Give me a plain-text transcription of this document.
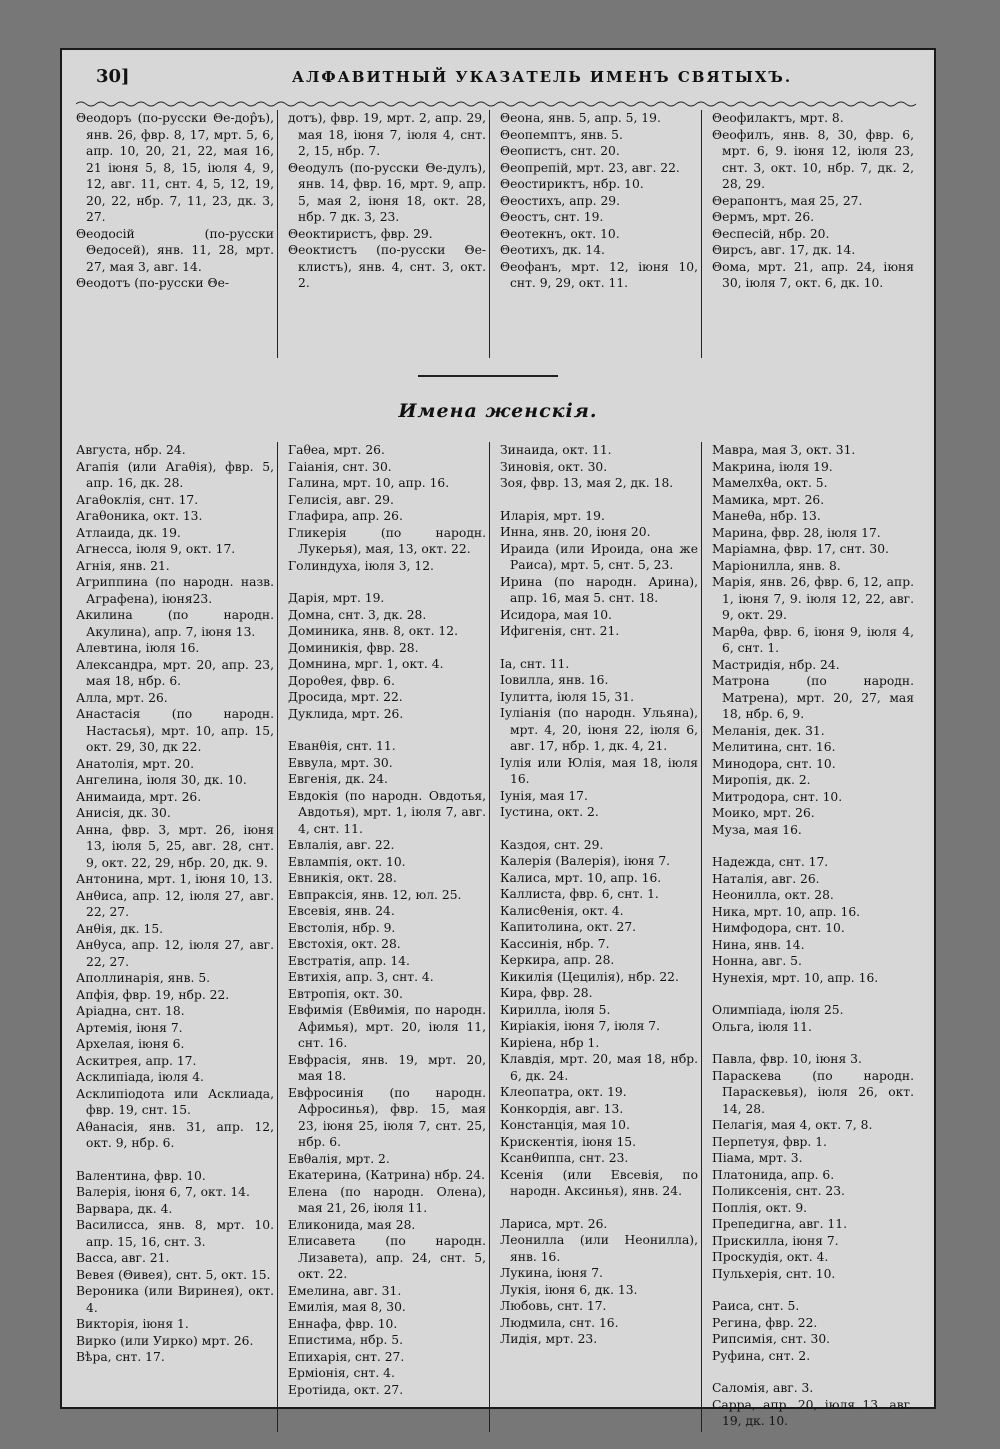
30]	АЛФАВИТНЫЙ УКАЗАТЕЛЬ ИМЕНЪ СВЯТЫХЪ.

Θеодоръ (по-русски Θе-дор̂ъ), янв. 26, фвр. 8, 17, мрт. 5, 6, апр. 10, 20, 21, 22, мая 16, 21 іюня 5, 8, 15, іюля 4, 9, 12, авг. 11, снт. 4, 5, 12, 19, 20, 22, нбр. 7, 11, 23, дк. 3, 27.

Θеодосій (по-русски Θедосей), янв. 11, 28, мрт. 27, мая 3, авг. 14.

Θеодотъ (по-русски Θе-

дотъ), фвр. 19, мрт. 2, апр. 29, мая 18, іюня 7, іюля 4, снт. 2, 15, нбр. 7.

Θеодулъ (по-русски Θе-дулъ), янв. 14, фвр. 16, мрт. 9, апр. 5, мая 2, іюня 18, окт. 28, нбр. 7 дк. 3, 23.

Θеоктиристъ, фвр. 29.

Θеоктистъ (по-русски Θе-клистъ), янв. 4, снт. 3, окт. 2.

Θеона, янв. 5, апр. 5, 19.

Θеопемптъ, янв. 5.

Θеопистъ, снт. 20.

Θеопрепій, мрт. 23, авг. 22.

Θеостириктъ, нбр. 10.

Θеостихъ, апр. 29.

Θеостъ, снт. 19.

Θеотекнъ, окт. 10.

Θеотихъ, дк. 14.

Θеофанъ, мрт. 12, іюня 10, снт. 9, 29, окт. 11.

Θеофилактъ, мрт. 8.

Θеофилъ, янв. 8, 30, фвр. 6, мрт. 6, 9. іюня 12, іюля 23, снт. 3, окт. 10, нбр. 7, дк. 2, 28, 29.

Θерапонтъ, мая 25, 27.

Θермъ, мрт. 26.

Θеспесій, нбр. 20.

Θирсъ, авг. 17, дк. 14.

Θома, мрт. 21, апр. 24, іюня 30, іюля 7, окт. 6, дк. 10.

Имена женскія.

Августа, нбр. 24.

Агапія (или Агаθія), фвр. 5, апр. 16, дк. 28.

Агаθоклія, снт. 17.

Агаθоника, окт. 13.

Атлаида, дк. 19.

Агнесса, іюля 9, окт. 17.

Агнія, янв. 21.

Агриппина (по народн. назв. Аграфена), іюня23.

Акилина (по народн. Акулина), апр. 7, іюня 13.

Алевтина, іюля 16.

Александра, мрт. 20, апр. 23, мая 18, нбр. 6.

Алла, мрт. 26.

Анастасія (по народн. Настасья), мрт. 10, апр. 15, окт. 29, 30, дк 22.

Анатолія, мрт. 20.

Ангелина, іюля 30, дк. 10.

Анимаида, мрт. 26.

Анисія, дк. 30.

Анна, фвр. 3, мрт. 26, іюня 13, іюля 5, 25, авг. 28, снт. 9, окт. 22, 29, нбр. 20, дк. 9.

Антонина, мрт. 1, іюня 10, 13.

Анθиса, апр. 12, іюля 27, авг. 22, 27.

Анθія, дк. 15.

Анθуса, апр. 12, іюля 27, авг. 22, 27.

Аполлинарія, янв. 5.

Апфія, фвр. 19, нбр. 22.

Аріадна, снт. 18.

Артемія, іюня 7.

Архелая, іюня 6.

Аскитрея, апр. 17.

Асклипіада, іюля 4.

Асклипіодота или Асклиада, фвр. 19, снт. 15.

Аθанасія, янв. 31, апр. 12, окт. 9, нбр. 6.

Валентина, фвр. 10.

Валерія, іюня 6, 7, окт. 14.

Варвара, дк. 4.

Василисса, янв. 8, мрт. 10. апр. 15, 16, снт. 3.

Васса, авг. 21.

Вевея (Θивея), снт. 5, окт. 15.

Вероника (или Виринея), окт. 4.

Викторія, іюня 1.

Вирко (или Уирко) мрт. 26.

Вѣра, снт. 17.

Гаθеа, мрт. 26.

Гаіанія, снт. 30.

Галина, мрт. 10, апр. 16.

Гелисія, авг. 29.

Глафира, апр. 26.

Гликерія (по народн. Лукерья), мая, 13, окт. 22.

Голиндуха, іюля 3, 12.

Дарія, мрт. 19.

Домна, снт. 3, дк. 28.

Доминика, янв. 8, окт. 12.

Доминикія, фвр. 28.

Домнина, мрг. 1, окт. 4.

Дороθея, фвр. 6.

Дросида, мрт. 22.

Дуклида, мрт. 26.

Еванθія, снт. 11.

Еввула, мрт. 30.

Евгенія, дк. 24.

Евдокія (по народн. Овдотья, Авдотья), мрт. 1, іюля 7, авг. 4, снт. 11.

Евлалія, авг. 22.

Евлампія, окт. 10.

Евникія, окт. 28.

Евпраксія, янв. 12, юл. 25.

Евсевія, янв. 24.

Евстолія, нбр. 9.

Евстохія, окт. 28.

Евстратія, апр. 14.

Евтихія, апр. 3, снт. 4.

Евтропія, окт. 30.

Евфимія (Евθимія, по народн. Афимья), мрт. 20, іюля 11, снт. 16.

Евфрасія, янв. 19, мрт. 20, мая 18.

Евфросинія (по народн. Афросинья), фвр. 15, мая 23, іюня 25, іюля 7, снт. 25, нбр. 6.

Евθалія, мрт. 2.

Екатерина, (Катрина) нбр. 24.

Елена (по народн. Олена), мая 21, 26, іюля 11.

Еликонида, мая 28.

Елисавета (по народн. Лизавета), апр. 24, снт. 5, окт. 22.

Емелина, авг. 31.

Емилія, мая 8, 30.

Еннафа, фвр. 10.

Епистима, нбр. 5.

Епихарія, снт. 27.

Ерміонія, снт. 4.

Еротіида, окт. 27.

Зинаида, окт. 11.

Зиновія, окт. 30.

Зоя, фвр. 13, мая 2, дк. 18.

Иларія, мрт. 19.

Инна, янв. 20, іюня 20.

Ираида (или Ироида, она же Раиса), мрт. 5, снт. 5, 23.

Ирина (по народн. Арина), апр. 16, мая 5. снт. 18.

Исидора, мая 10.

Ифигенія, снт. 21.

Іа, снт. 11.

Іовилла, янв. 16.

Іулитта, іюля 15, 31.

Іуліанія (по народн. Ульяна), мрт. 4, 20, іюня 22, іюля 6, авг. 17, нбр. 1, дк. 4, 21.

Іулія или Юлія, мая 18, іюля 16.

Іунія, мая 17.

Іустина, окт. 2.

Каздоя, снт. 29.

Калерія (Валерія), іюня 7.

Калиса, мрт. 10, апр. 16.

Каллиста, фвр. 6, снт. 1.

Калисθенія, окт. 4.

Капитолина, окт. 27.

Кассинія, нбр. 7.

Керкира, апр. 28.

Кикилія (Цецилія), нбр. 22.

Кира, фвр. 28.

Кирилла, іюля 5.

Киріакія, іюня 7, іюля 7.

Киріена, нбр 1.

Клавдія, мрт. 20, мая 18, нбр. 6, дк. 24.

Клеопатра, окт. 19.

Конкордія, авг. 13.

Констанція, мая 10.

Крискентія, іюня 15.

Ксанθиппа, снт. 23.

Ксенія (или Евсевія, по народн. Аксинья), янв. 24.

Лариса, мрт. 26.

Леонилла (или Неонилла), янв. 16.

Лукина, іюня 7.

Лукія, іюня 6, дк. 13.

Любовь, снт. 17.

Людмила, снт. 16.

Лидія, мрт. 23.

Мавра, мая 3, окт. 31.

Макрина, іюля 19.

Мамелхθа, окт. 5.

Мамика, мрт. 26.

Манеθа, нбр. 13.

Марина, фвр. 28, іюля 17.

Маріамна, фвр. 17, снт. 30.

Маріонилла, янв. 8.

Марія, янв. 26, фвр. 6, 12, апр. 1, іюня 7, 9. іюля 12, 22, авг. 9, окт. 29.

Марθа, фвр. 6, іюня 9, іюля 4, 6, снт. 1.

Мастридія, нбр. 24.

Матрона (по народн. Матрена), мрт. 20, 27, мая 18, нбр. 6, 9.

Меланія, дек. 31.

Мелитина, снт. 16.

Минодора, снт. 10.

Миропія, дк. 2.

Митродора, снт. 10.

Моико, мрт. 26.

Муза, мая 16.

Надежда, снт. 17.

Наталія, авг. 26.

Неонилла, окт. 28.

Ника, мрт. 10, апр. 16.

Нимфодора, снт. 10.

Нина, янв. 14.

Нонна, авг. 5.

Нунехія, мрт. 10, апр. 16.

Олимпіада, іюля 25.

Ольга, іюля 11.

Павла, фвр. 10, іюня 3.

Параскева (по народн. Параскевья), іюля 26, окт. 14, 28.

Пелагія, мая 4, окт. 7, 8.

Перпетуя, фвр. 1.

Піама, мрт. 3.

Платонида, апр. 6.

Поликсенія, снт. 23.

Поплія, окт. 9.

Препедигна, авг. 11.

Прискилла, іюня 7.

Проскудія, окт. 4.

Пульхерія, снт. 10.

Раиса, снт. 5.

Регина, фвр. 22.

Рипсимія, снт. 30.

Руфина, снт. 2.

Саломія, авг. 3.

Сарра, апр. 20, іюля 13. авг. 19, дк. 10.
